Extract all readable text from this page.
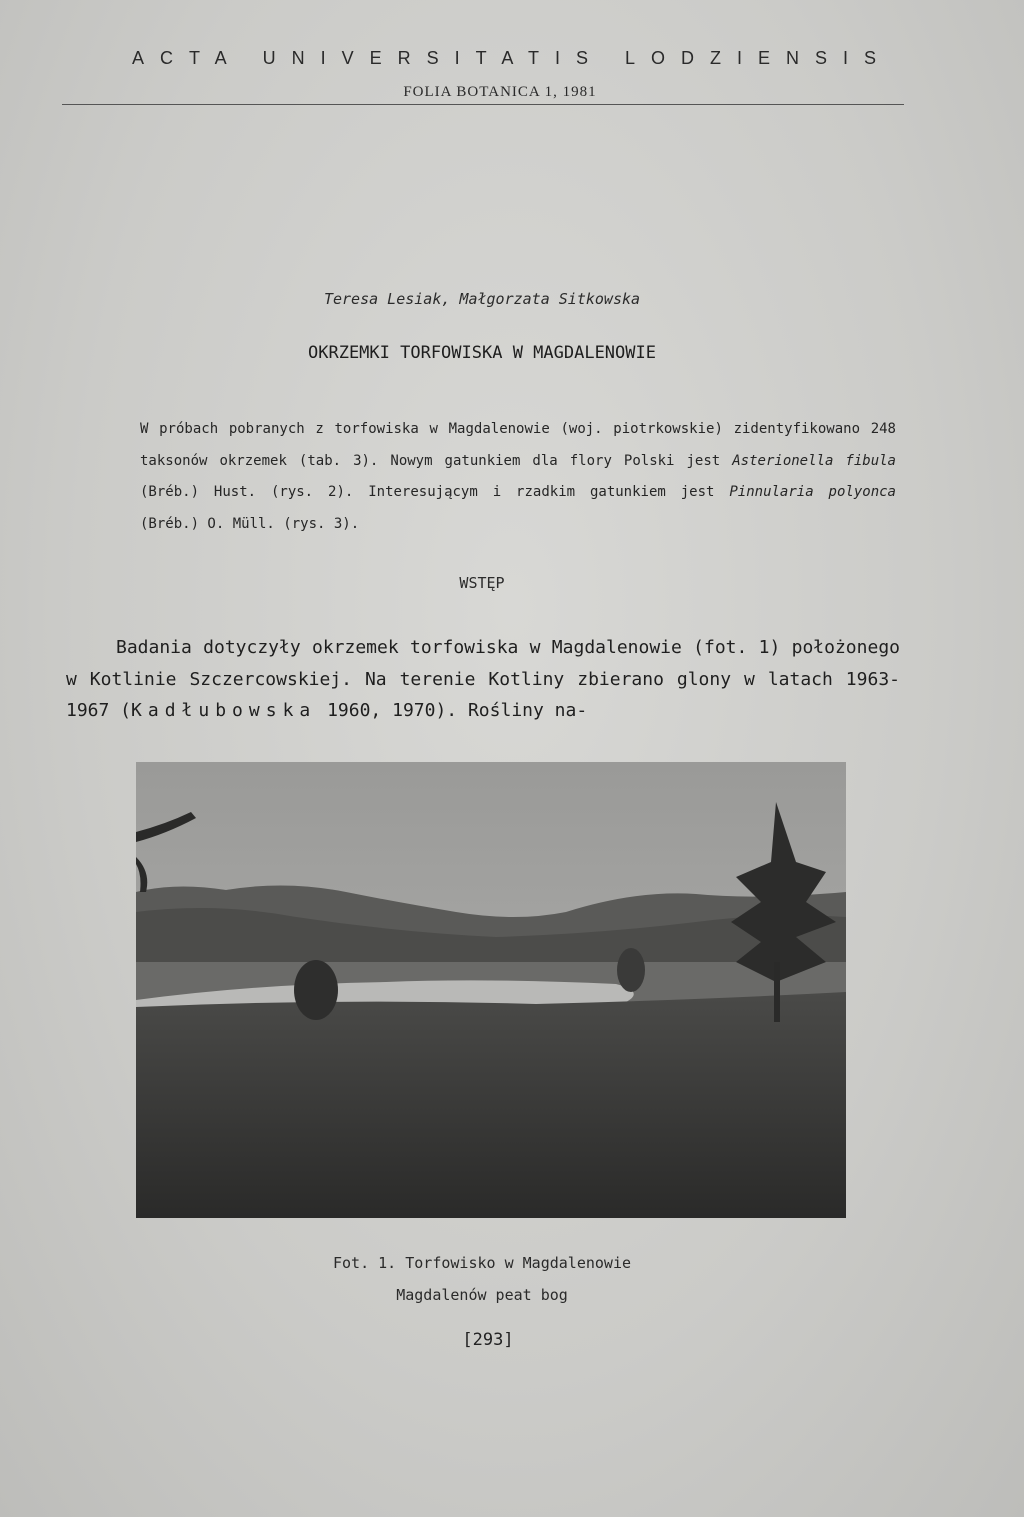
ACTA UNIVERSITATIS LODZIENSIS
FOLIA BOTANICA 1, 1981
Teresa Lesiak, Małgorzata Sitkowska
OKRZEMKI TORFOWISKA W MAGDALENOWIE
W próbach pobranych z torfowiska w Magdalenowie (woj. piotrkowskie) zidentyfikowano 248 taksonów okrzemek (tab. 3). Nowym gatunkiem dla flory Polski jest Asterionella fibula (Bréb.) Hust. (rys. 2). Interesującym i rzadkim gatunkiem jest Pinnularia polyonca (Bréb.) O. Müll. (rys. 3).
WSTĘP
Badania dotyczyły okrzemek torfowiska w Magdalenowie (fot. 1) położonego w Kotlinie Szczercowskiej. Na terenie Kotliny zbierano glony w latach 1963-1967 (Kadłubowska 1960, 1970). Rośliny na-
Fot. 1. Torfowisko w Magdalenowie
Magdalenów peat bog
[293]
